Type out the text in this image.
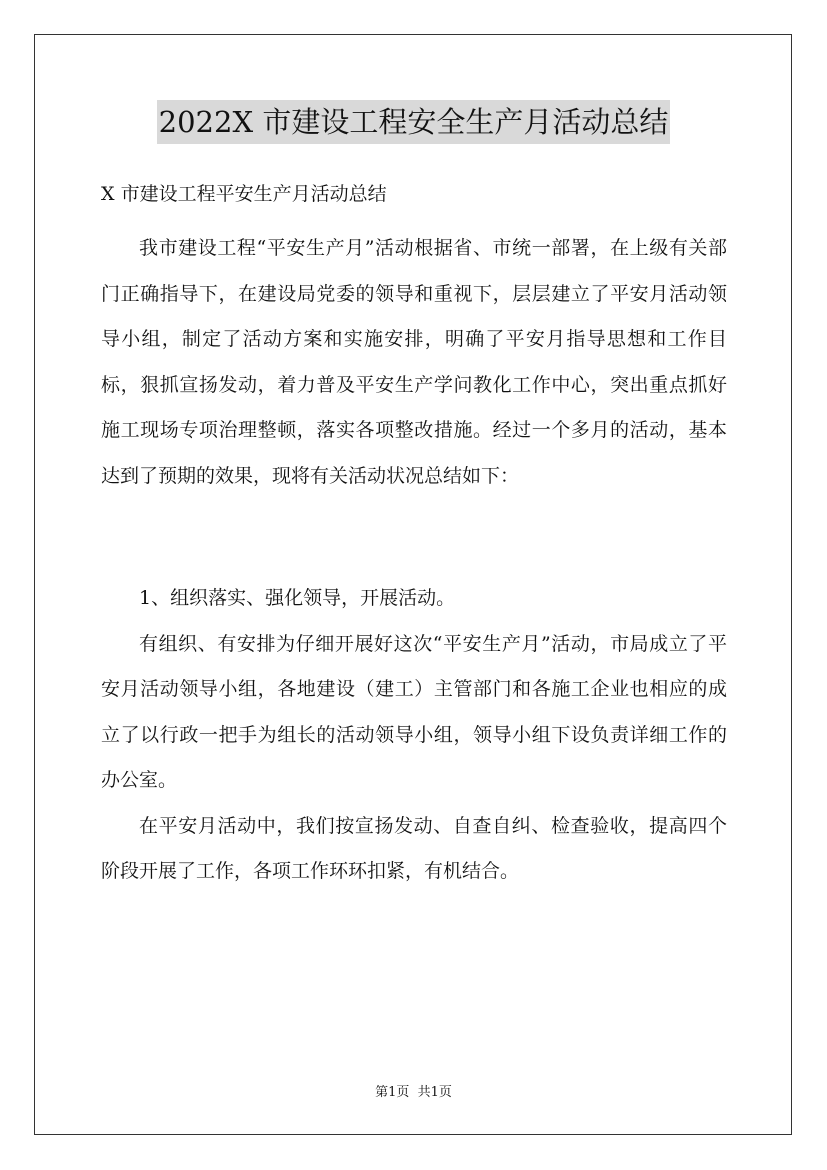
2022X 市建设工程安全生产月活动总结
X 市建设工程平安生产月活动总结

我市建设工程“平安生产月”活动根据省、市统一部署，在上级有关部门正确指导下，在建设局党委的领导和重视下，层层建立了平安月活动领导小组，制定了活动方案和实施安排，明确了平安月指导思想和工作目标，狠抓宣扬发动，着力普及平安生产学问教化工作中心，突出重点抓好施工现场专项治理整顿，落实各项整改措施。经过一个多月的活动，基本达到了预期的效果，现将有关活动状况总结如下：

1、组织落实、强化领导，开展活动。

有组织、有安排为仔细开展好这次“平安生产月”活动，市局成立了平安月活动领导小组，各地建设（建工）主管部门和各施工企业也相应的成立了以行政一把手为组长的活动领导小组，领导小组下设负责详细工作的办公室。

在平安月活动中，我们按宣扬发动、自查自纠、检查验收，提高四个阶段开展了工作，各项工作环环扣紧，有机结合。

第1页 共1页
